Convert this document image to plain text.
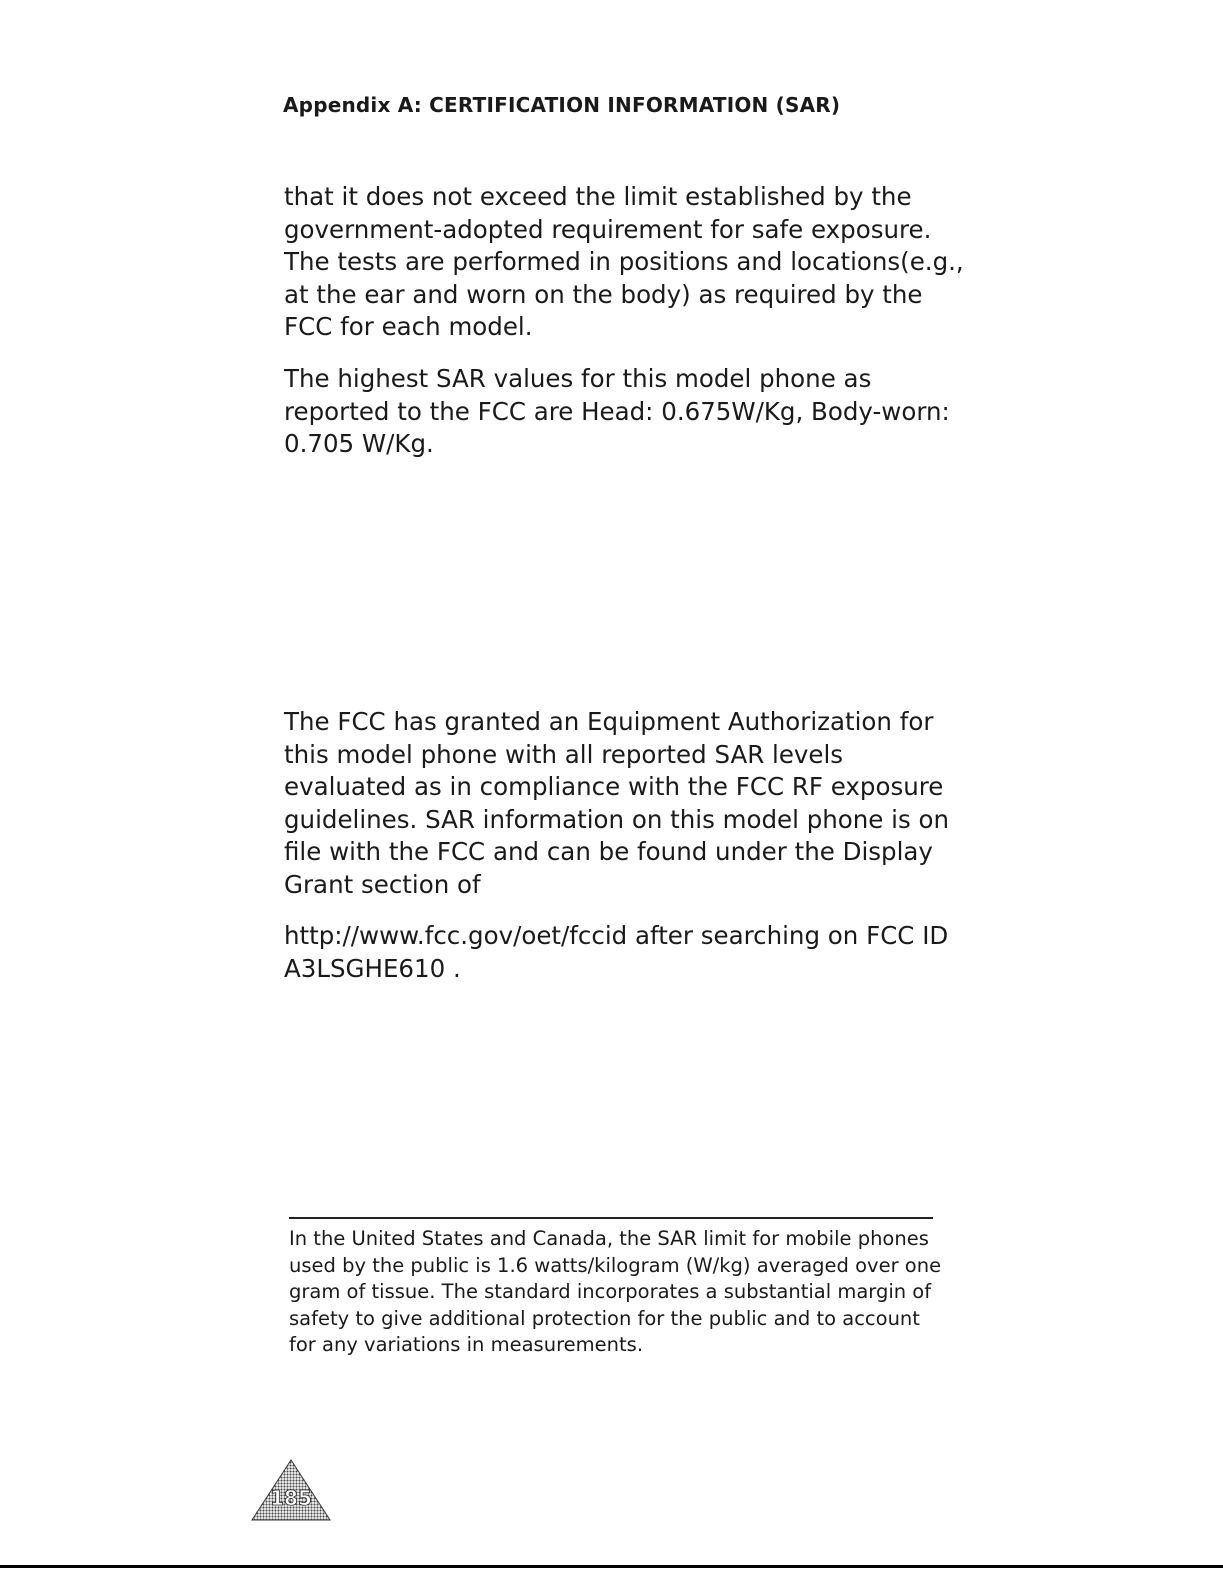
Appendix A: CERTIFICATION INFORMATION (SAR)

that it does not exceed the limit established by the government-adopted requirement for safe exposure. The tests are performed in positions and locations(e.g., at the ear and worn on the body) as required by the FCC for each model.

The highest SAR values for this model phone as reported to the FCC are Head: 0.675W/Kg, Body-worn: 0.705 W/Kg.

The FCC has granted an Equipment Authorization for this model phone with all reported SAR levels evaluated as in compliance with the FCC RF exposure guidelines. SAR information on this model phone is on file with the FCC and can be found under the Display Grant section of

http://www.fcc.gov/oet/fccid after searching on FCC ID A3LSGHE610 .

In the United States and Canada, the SAR limit for mobile phones used by the public is 1.6 watts/kilogram (W/kg) averaged over one gram of tissue. The standard incorporates a substantial margin of safety to give additional protection for the public and to account for any variations in measurements.

185
